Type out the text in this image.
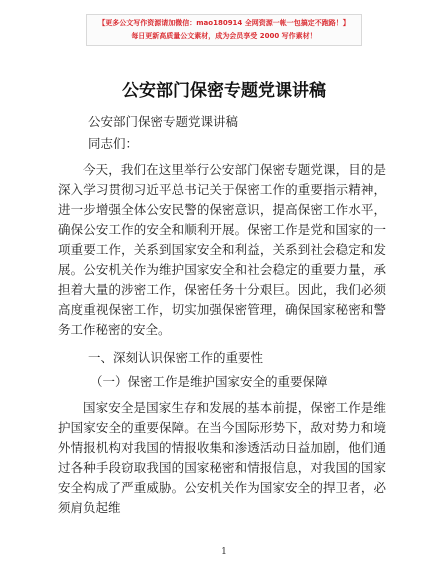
【更多公文写作资源请加微信：mao180914 全网资源一帐一包搞定不跑路！】
每日更新高质量公文素材，成为会员享受 2000 写作素材！
公安部门保密专题党课讲稿
公安部门保密专题党课讲稿
同志们：
今天，我们在这里举行公安部门保密专题党课，目的是深入学习贯彻习近平总书记关于保密工作的重要指示精神，进一步增强全体公安民警的保密意识，提高保密工作水平，确保公安工作的安全和顺利开展。保密工作是党和国家的一项重要工作，关系到国家安全和利益，关系到社会稳定和发展。公安机关作为维护国家安全和社会稳定的重要力量，承担着大量的涉密工作，保密任务十分艰巨。因此，我们必须高度重视保密工作，切实加强保密管理，确保国家秘密和警务工作秘密的安全。
一、深刻认识保密工作的重要性
（一）保密工作是维护国家安全的重要保障
国家安全是国家生存和发展的基本前提，保密工作是维护国家安全的重要保障。在当今国际形势下，敌对势力和境外情报机构对我国的情报收集和渗透活动日益加剧，他们通过各种手段窃取我国的国家秘密和情报信息，对我国的国家安全构成了严重威胁。公安机关作为国家安全的捍卫者，必须肩负起维
1
